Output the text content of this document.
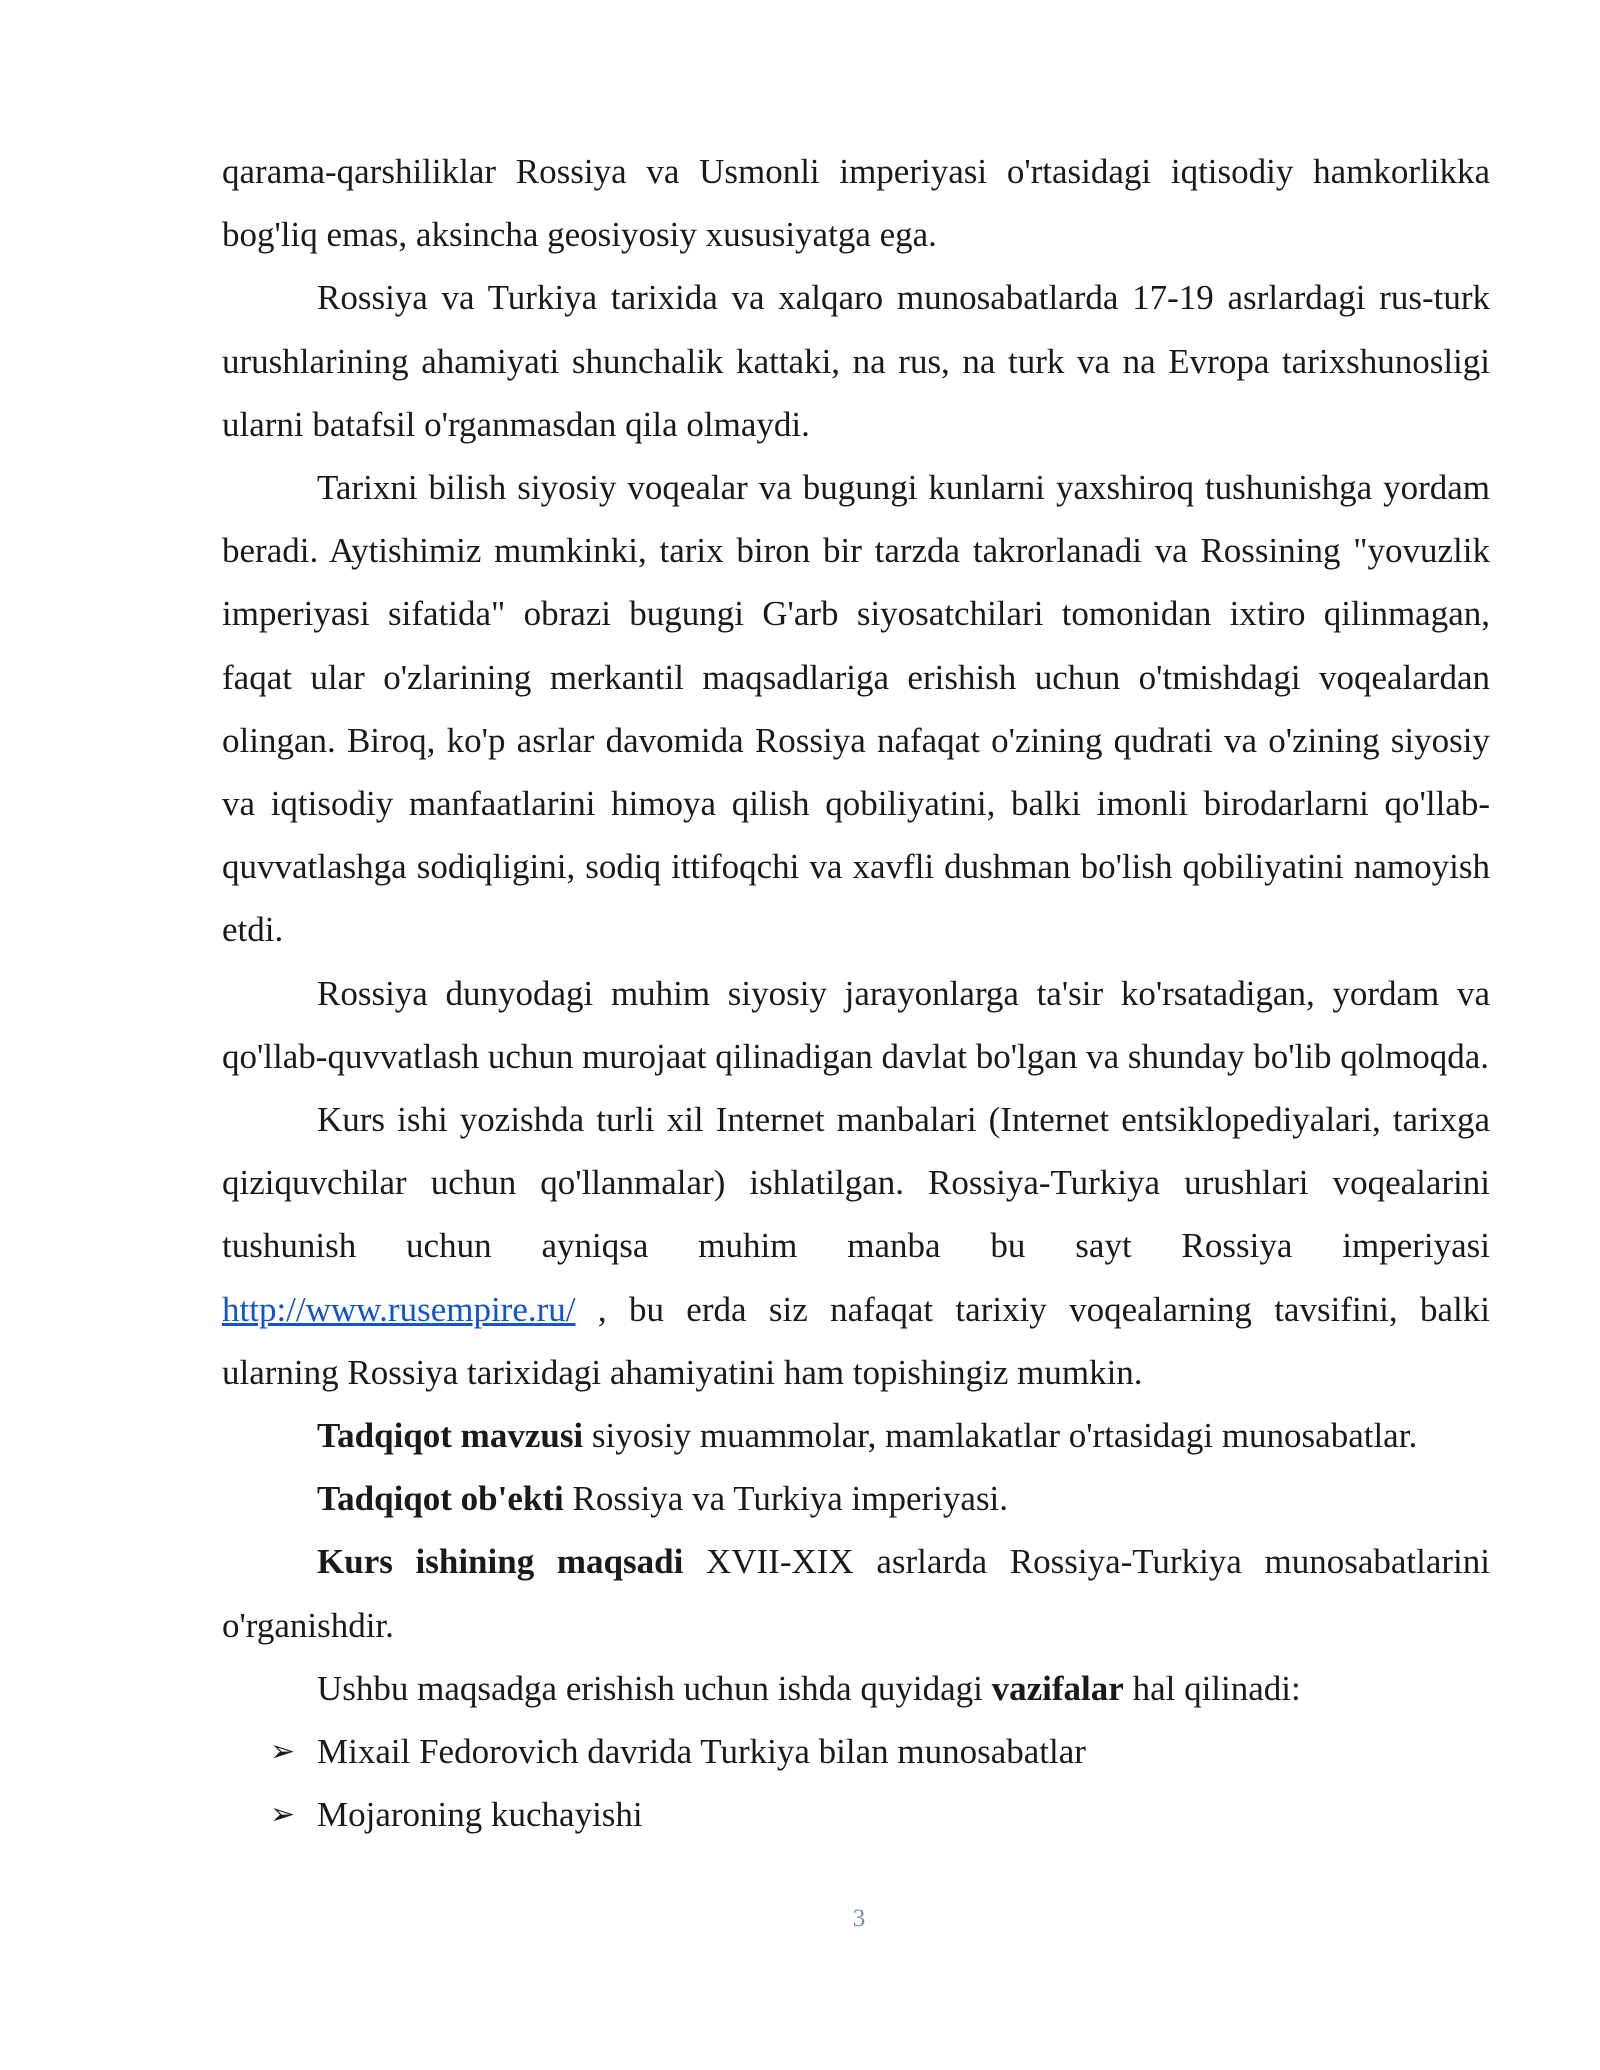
qarama-qarshiliklar Rossiya va Usmonli imperiyasi o'rtasidagi iqtisodiy hamkorlikka bog'liq emas, aksincha geosiyosiy xususiyatga ega.

Rossiya va Turkiya tarixida va xalqaro munosabatlarda 17-19 asrlardagi rus-turk urushlarining ahamiyati shunchalik kattaki, na rus, na turk va na Evropa tarixshunosligi ularni batafsil o'rganmasdan qila olmaydi.

Tarixni bilish siyosiy voqealar va bugungi kunlarni yaxshiroq tushunishga yordam beradi. Aytishimiz mumkinki, tarix biron bir tarzda takrorlanadi va Rossining "yovuzlik imperiyasi sifatida" obrazi bugungi G'arb siyosatchilari tomonidan ixtiro qilinmagan, faqat ular o'zlarining merkantil maqsadlariga erishish uchun o'tmishdagi voqealardan olingan. Biroq, ko'p asrlar davomida Rossiya nafaqat o'zining qudrati va o'zining siyosiy va iqtisodiy manfaatlarini himoya qilish qobiliyatini, balki imonli birodarlarni qo'llab-quvvatlashga sodiqligini, sodiq ittifoqchi va xavfli dushman bo'lish qobiliyatini namoyish etdi.

Rossiya dunyodagi muhim siyosiy jarayonlarga ta'sir ko'rsatadigan, yordam va qo'llab-quvvatlash uchun murojaat qilinadigan davlat bo'lgan va shunday bo'lib qolmoqda.

Kurs ishi yozishda turli xil Internet manbalari (Internet entsiklopediyalari, tarixga qiziquvchilar uchun qo'llanmalar) ishlatilgan. Rossiya-Turkiya urushlari voqealarini tushunish uchun ayniqsa muhim manba bu sayt Rossiya imperiyasi http://www.rusempire.ru/ , bu erda siz nafaqat tarixiy voqealarning tavsifini, balki ularning Rossiya tarixidagi ahamiyatini ham topishingiz mumkin.

Tadqiqot mavzusi siyosiy muammolar, mamlakatlar o'rtasidagi munosabatlar.

Tadqiqot ob'ekti Rossiya va Turkiya imperiyasi.

Kurs ishining maqsadi XVII-XIX asrlarda Rossiya-Turkiya munosabatlarini o'rganishdir.

Ushbu maqsadga erishish uchun ishda quyidagi vazifalar hal qilinadi:

➢ Mixail Fedorovich davrida Turkiya bilan munosabatlar
➢ Mojaroning kuchayishi
3
